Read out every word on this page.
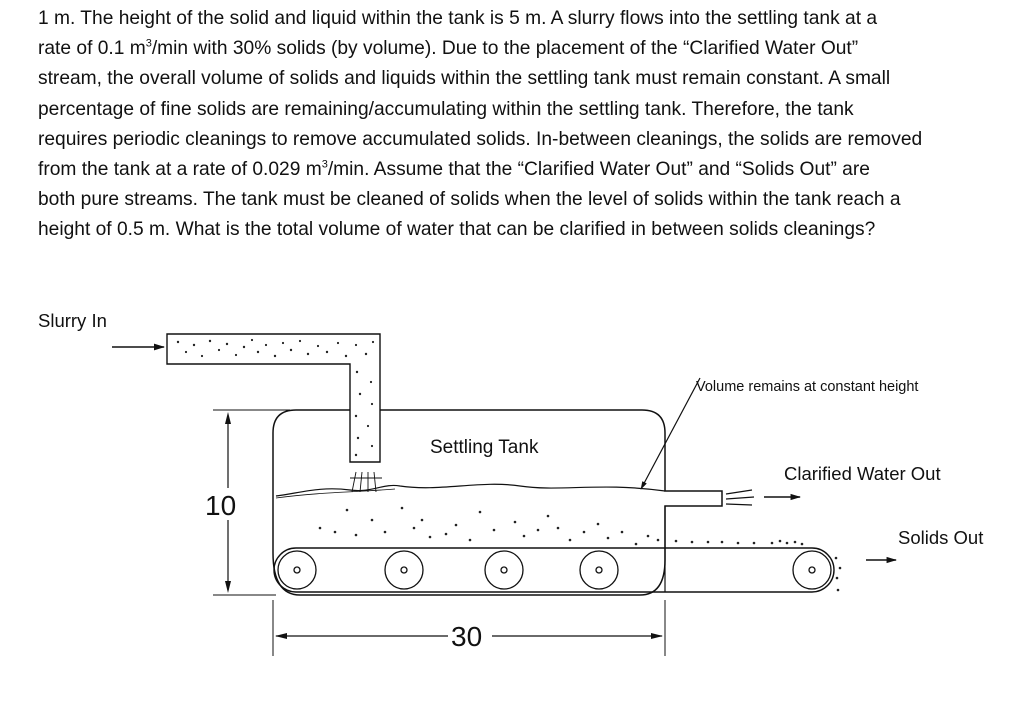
1 m. The height of the solid and liquid within the tank is 5 m. A slurry flows into the settling tank at a
rate of 0.1 $m^3/\min$ with 30% solids (by volume). Due to the placement of the “Clarified Water Out”
stream, the overall volume of solids and liquids within the settling tank must remain constant. A small
percentage of fine solids are remaining/accumulating within the settling tank. Therefore, the tank
requires periodic cleanings to remove accumulated solids. In-between cleanings, the solids are removed
from the tank at a rate of 0.029 $m^3/\min$. Assume that the “Clarified Water Out” and “Solids Out” are
both pure streams. The tank must be cleaned of solids when the level of solids within the tank reach a
height of 0.5 m. What is the total volume of water that can be clarified in between solids cleanings?
Slurry In
Settling Tank
Volume remains at constant height
Clarified Water Out
Solids Out
10
30
